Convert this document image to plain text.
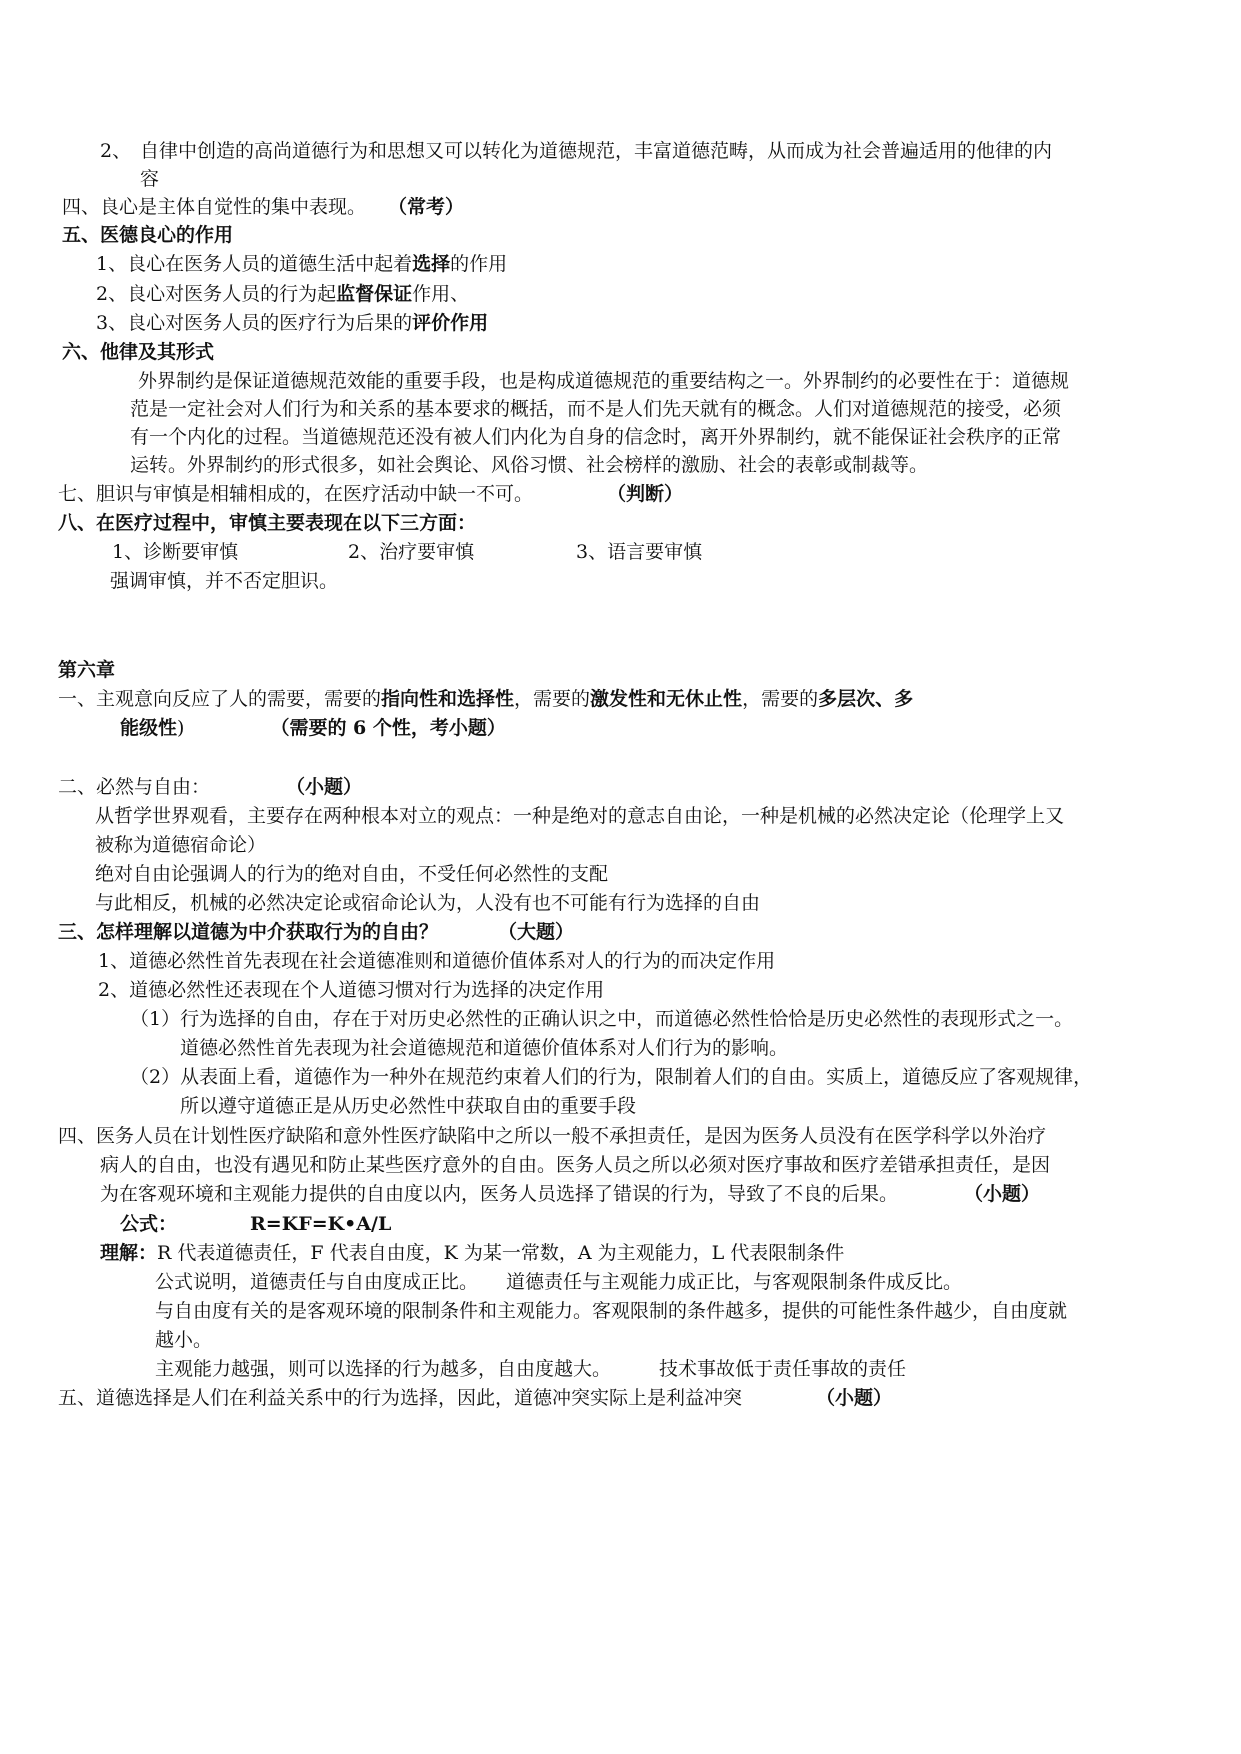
2、 自律中创造的高尚道德行为和思想又可以转化为道德规范，丰富道德范畴，从而成为社会普遍适用的他律的内
容
四、良心是主体自觉性的集中表现。 （常考）
五、医德良心的作用
1、良心在医务人员的道德生活中起着选择的作用
2、良心对医务人员的行为起监督保证作用、
3、良心对医务人员的医疗行为后果的评价作用
六、他律及其形式
外界制约是保证道德规范效能的重要手段，也是构成道德规范的重要结构之一。外界制约的必要性在于：道德规
范是一定社会对人们行为和关系的基本要求的概括，而不是人们先天就有的概念。人们对道德规范的接受，必须
有一个内化的过程。当道德规范还没有被人们内化为自身的信念时，离开外界制约，就不能保证社会秩序的正常
运转。外界制约的形式很多，如社会舆论、风俗习惯、社会榜样的激励、社会的表彰或制裁等。
七、胆识与审慎是相辅相成的，在医疗活动中缺一不可。	（判断）
八、在医疗过程中，审慎主要表现在以下三方面：
1、诊断要审慎	2、治疗要审慎	3、语言要审慎
强调审慎，并不否定胆识。
第六章
一、主观意向反应了人的需要，需要的指向性和选择性，需要的激发性和无休止性，需要的多层次、多
能级性)	（需要的 6 个性，考小题）
二、必然与自由：	（小题）
从哲学世界观看，主要存在两种根本对立的观点：一种是绝对的意志自由论，一种是机械的必然决定论（伦理学上又
被称为道德宿命论）
绝对自由论强调人的行为的绝对自由，不受任何必然性的支配
与此相反，机械的必然决定论或宿命论认为，人没有也不可能有行为选择的自由
三、怎样理解以道德为中介获取行为的自由？	（大题）
1、道德必然性首先表现在社会道德准则和道德价值体系对人的行为的而决定作用
2、道德必然性还表现在个人道德习惯对行为选择的决定作用
（1）行为选择的自由，存在于对历史必然性的正确认识之中，而道德必然性恰恰是历史必然性的表现形式之一。
道德必然性首先表现为社会道德规范和道德价值体系对人们行为的影响。
（2）从表面上看，道德作为一种外在规范约束着人们的行为，限制着人们的自由。实质上，道德反应了客观规律，
所以遵守道德正是从历史必然性中获取自由的重要手段
四、医务人员在计划性医疗缺陷和意外性医疗缺陷中之所以一般不承担责任，是因为医务人员没有在医学科学以外治疗
病人的自由，也没有遇见和防止某些医疗意外的自由。医务人员之所以必须对医疗事故和医疗差错承担责任，是因
为在客观环境和主观能力提供的自由度以内，医务人员选择了错误的行为，导致了不良的后果。	（小题）
公式：	R=KF=K•A/L
理解：R 代表道德责任，F 代表自由度，K 为某一常数，A 为主观能力，L 代表限制条件
公式说明，道德责任与自由度成正比。 道德责任与主观能力成正比，与客观限制条件成反比。
与自由度有关的是客观环境的限制条件和主观能力。客观限制的条件越多，提供的可能性条件越少，自由度就
越小。
主观能力越强，则可以选择的行为越多，自由度越大。	技术事故低于责任事故的责任
五、道德选择是人们在利益关系中的行为选择，因此，道德冲突实际上是利益冲突	（小题）
